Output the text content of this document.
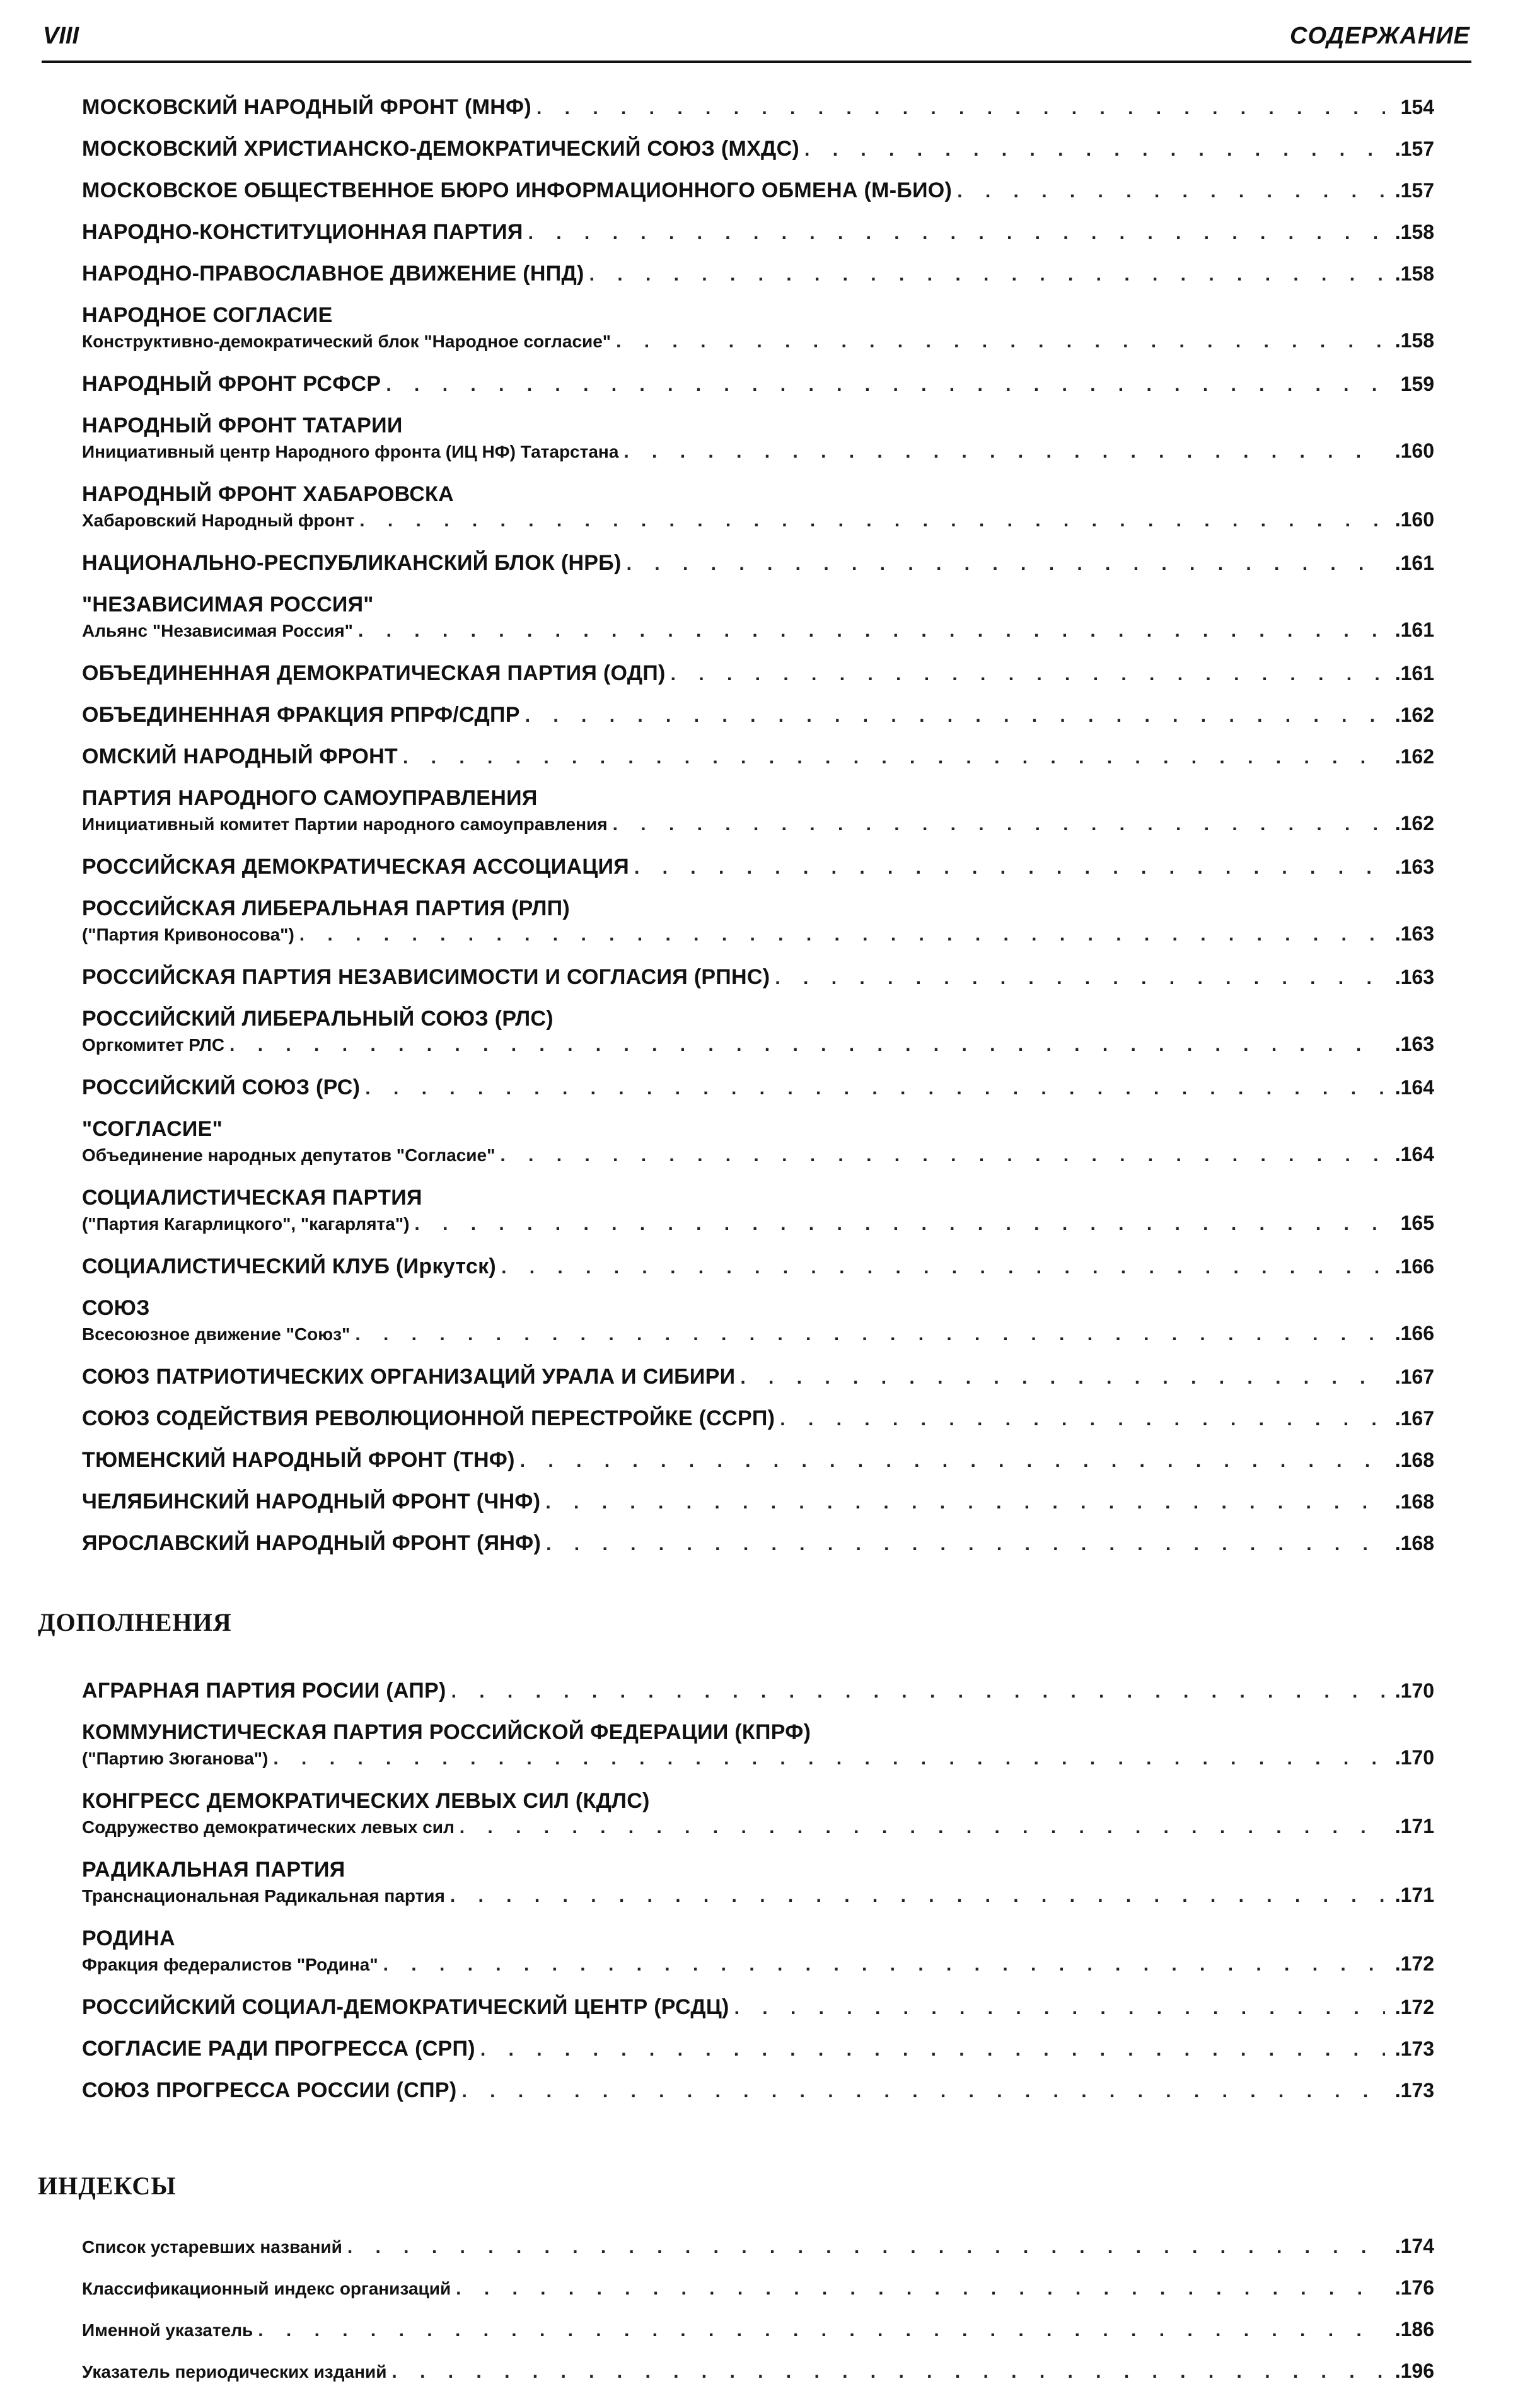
VIII	СОДЕРЖАНИЕ
МОСКОВСКИЙ НАРОДНЫЙ ФРОНТ (МНФ) . . .	154
МОСКОВСКИЙ ХРИСТИАНСКО-ДЕМОКРАТИЧЕСКИЙ СОЮЗ (МХДС) . . .	.157
МОСКОВСКОЕ ОБЩЕСТВЕННОЕ БЮРО ИНФОРМАЦИОННОГО ОБМЕНА (М-БИО) . . .	.157
НАРОДНО-КОНСТИТУЦИОННАЯ ПАРТИЯ . . .	.158
НАРОДНО-ПРАВОСЛАВНОЕ ДВИЖЕНИЕ (НПД) . . .	.158
НАРОДНОЕ СОГЛАСИЕ
Конструктивно-демократический блок "Народное согласие" . . .	.158
НАРОДНЫЙ ФРОНТ РСФСР . . .	159
НАРОДНЫЙ ФРОНТ ТАТАРИИ
Инициативный центр Народного фронта (ИЦ НФ) Татарстана . . .	.160
НАРОДНЫЙ ФРОНТ ХАБАРОВСКА
Хабаровский Народный фронт . . .	.160
НАЦИОНАЛЬНО-РЕСПУБЛИКАНСКИЙ БЛОК (НРБ) . . .	.161
"НЕЗАВИСИМАЯ РОССИЯ"
Альянс "Независимая Россия" . . .	.161
ОБЪЕДИНЕННАЯ ДЕМОКРАТИЧЕСКАЯ ПАРТИЯ (ОДП) . . .	.161
ОБЪЕДИНЕННАЯ ФРАКЦИЯ РПРФ/СДПР . . .	.162
ОМСКИЙ НАРОДНЫЙ ФРОНТ . . .	.162
ПАРТИЯ НАРОДНОГО САМОУПРАВЛЕНИЯ
Инициативный комитет Партии народного самоуправления . . .	.162
РОССИЙСКАЯ ДЕМОКРАТИЧЕСКАЯ АССОЦИАЦИЯ . . .	.163
РОССИЙСКАЯ ЛИБЕРАЛЬНАЯ ПАРТИЯ (РЛП)
("Партия Кривоносова") . . .	.163
РОССИЙСКАЯ ПАРТИЯ НЕЗАВИСИМОСТИ И СОГЛАСИЯ (РПНС) . . .	.163
РОССИЙСКИЙ ЛИБЕРАЛЬНЫЙ СОЮЗ (РЛС)
Оргкомитет РЛС . . .	.163
РОССИЙСКИЙ СОЮЗ (РС) . . .	.164
"СОГЛАСИЕ"
Объединение народных депутатов "Согласие" . . .	.164
СОЦИАЛИСТИЧЕСКАЯ ПАРТИЯ
("Партия Кагарлицкого", "кагарлята") . . .	165
СОЦИАЛИСТИЧЕСКИЙ КЛУБ (Иркутск) . . .	.166
СОЮЗ
Всесоюзное движение "Союз" . . .	.166
СОЮЗ ПАТРИОТИЧЕСКИХ ОРГАНИЗАЦИЙ УРАЛА И СИБИРИ . . .	.167
СОЮЗ СОДЕЙСТВИЯ РЕВОЛЮЦИОННОЙ ПЕРЕСТРОЙКЕ (ССРП) . . .	.167
ТЮМЕНСКИЙ НАРОДНЫЙ ФРОНТ (ТНФ) . . .	.168
ЧЕЛЯБИНСКИЙ НАРОДНЫЙ ФРОНТ (ЧНФ) . . .	.168
ЯРОСЛАВСКИЙ НАРОДНЫЙ ФРОНТ (ЯНФ) . . .	.168
ДОПОЛНЕНИЯ
АГРАРНАЯ ПАРТИЯ РОСИИ (АПР) . . .	.170
КОММУНИСТИЧЕСКАЯ ПАРТИЯ РОССИЙСКОЙ ФЕДЕРАЦИИ (КПРФ)
("Партию Зюганова") . . .	.170
КОНГРЕСС ДЕМОКРАТИЧЕСКИХ ЛЕВЫХ СИЛ (КДЛС)
Содружество демократических левых сил . . .	.171
РАДИКАЛЬНАЯ ПАРТИЯ
Транснациональная Радикальная партия . . .	.171
РОДИНА
Фракция федералистов "Родина" . . .	.172
РОССИЙСКИЙ СОЦИАЛ-ДЕМОКРАТИЧЕСКИЙ ЦЕНТР (РСДЦ) . . .	.172
СОГЛАСИЕ РАДИ ПРОГРЕССА (СРП) . . .	.173
СОЮЗ ПРОГРЕССА РОССИИ (СПР) . . .	.173
ИНДЕКСЫ
Список устаревших названий . . .	.174
Классификационный индекс организаций . . .	.176
Именной указатель . . .	.186
Указатель периодических изданий . . .	.196
